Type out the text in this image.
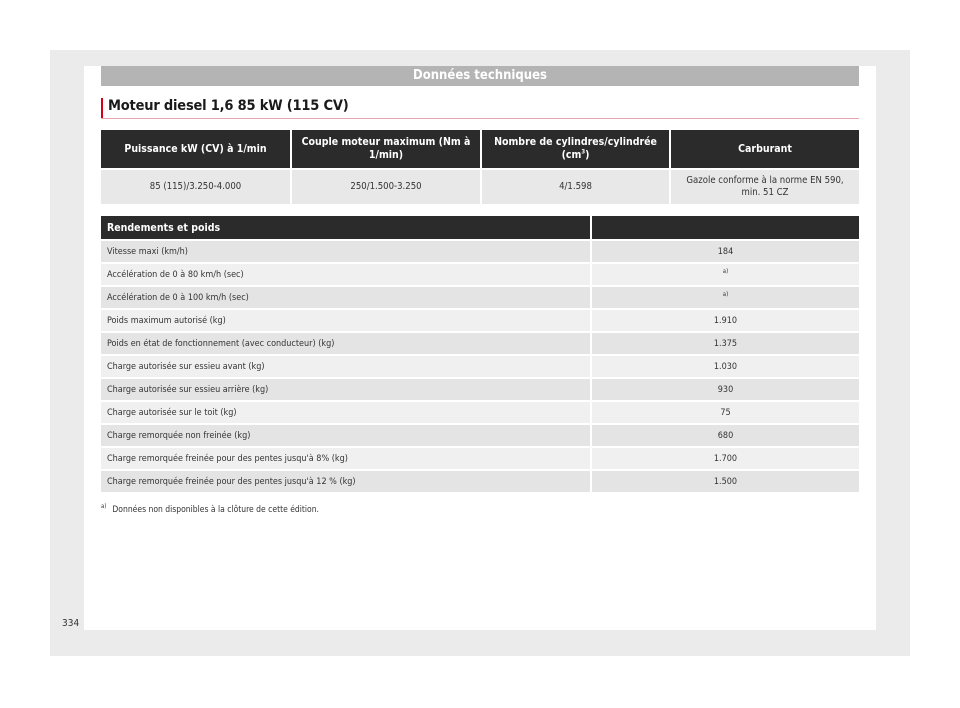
Données techniques
Moteur diesel 1,6 85 kW (115 CV)
Puissance kW (CV) à 1/min	Couple moteur maximum (Nm à 1/min)	Nombre de cylindres/cylindrée $(cm^3)$	Carburant
85 (115)/3.250-4.000	250/1.500-3.250	4/1.598	Gazole conforme à la norme EN 590, min. 51 CZ
Rendements et poids	
Vitesse maxi (km/h)	184
Accélération de 0 à 80 km/h (sec)	$^{a)}$
Accélération de 0 à 100 km/h (sec)	$^{a)}$
Poids maximum autorisé (kg)	1.910
Poids en état de fonctionnement (avec conducteur) (kg)	1.375
Charge autorisée sur essieu avant (kg)	1.030
Charge autorisée sur essieu arrière (kg)	930
Charge autorisée sur le toit (kg)	75
Charge remorquée non freinée (kg)	680
Charge remorquée freinée pour des pentes jusqu'à 8% (kg)	1.700
Charge remorquée freinée pour des pentes jusqu'à 12 % (kg)	1.500
$^{a)}$ Données non disponibles à la clôture de cette édition.
334
